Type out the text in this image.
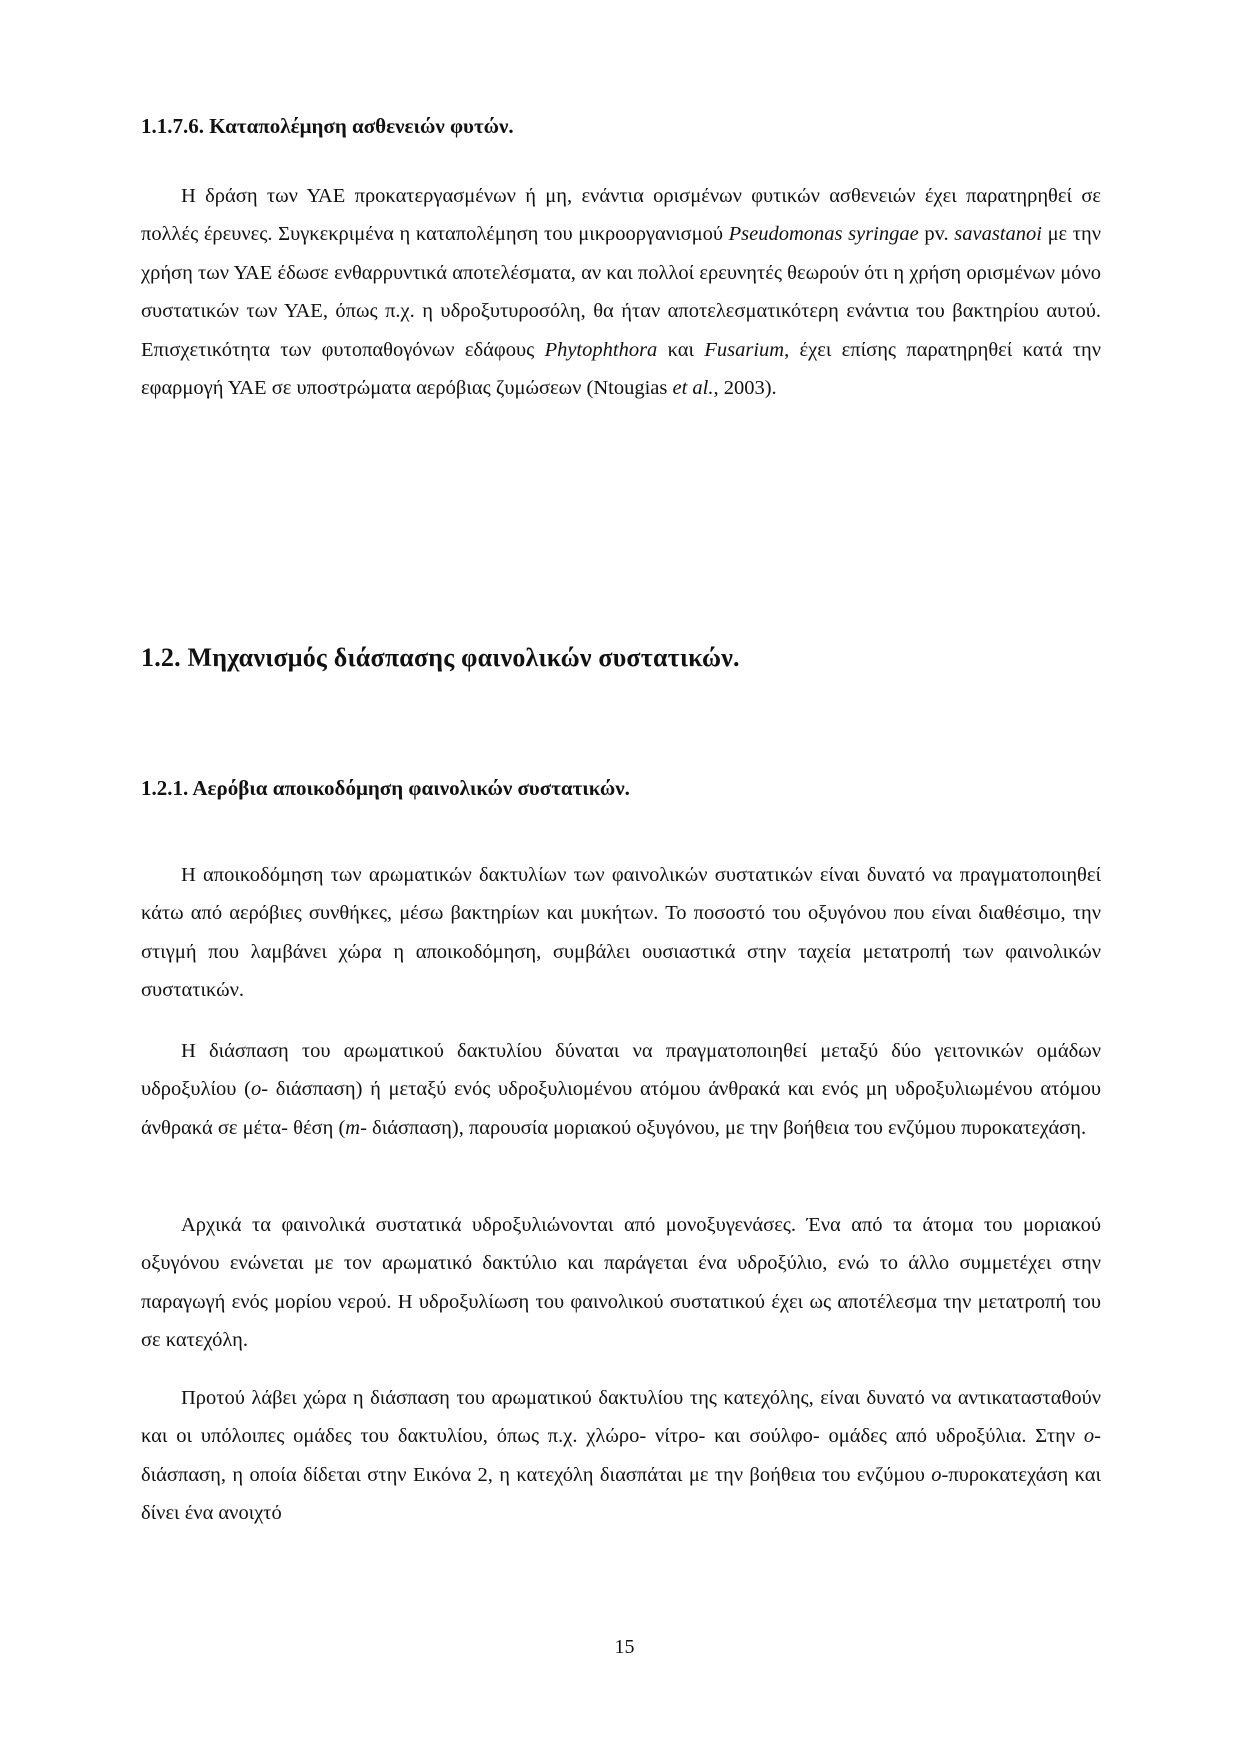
1.1.7.6. Καταπολέμηση ασθενειών φυτών.

Η δράση των ΥΑΕ προκατεργασμένων ή μη, ενάντια ορισμένων φυτικών ασθενειών έχει παρατηρηθεί σε πολλές έρευνες. Συγκεκριμένα η καταπολέμηση του μικροοργανισμού Pseudomonas syringae pv. savastanoi με την χρήση των ΥΑΕ έδωσε ενθαρρυντικά αποτελέσματα, αν και πολλοί ερευνητές θεωρούν ότι η χρήση ορισμένων μόνο συστατικών των ΥΑΕ, όπως π.χ. η υδροξυτυροσόλη, θα ήταν αποτελεσματικότερη ενάντια του βακτηρίου αυτού. Επισχετικότητα των φυτοπαθογόνων εδάφους Phytophthora και Fusarium, έχει επίσης παρατηρηθεί κατά την εφαρμογή ΥΑΕ σε υποστρώματα αερόβιας ζυμώσεων (Ntougias et al., 2003).

1.2. Μηχανισμός διάσπασης φαινολικών συστατικών.
1.2.1. Αερόβια αποικοδόμηση φαινολικών συστατικών.

Η αποικοδόμηση των αρωματικών δακτυλίων των φαινολικών συστατικών είναι δυνατό να πραγματοποιηθεί κάτω από αερόβιες συνθήκες, μέσω βακτηρίων και μυκήτων. Το ποσοστό του οξυγόνου που είναι διαθέσιμο, την στιγμή που λαμβάνει χώρα η αποικοδόμηση, συμβάλει ουσιαστικά στην ταχεία μετατροπή των φαινολικών συστατικών.

Η διάσπαση του αρωματικού δακτυλίου δύναται να πραγματοποιηθεί μεταξύ δύο γειτονικών ομάδων υδροξυλίου (o- διάσπαση) ή μεταξύ ενός υδροξυλιομένου ατόμου άνθρακά και ενός μη υδροξυλιωμένου ατόμου άνθρακά σε μέτα- θέση (m- διάσπαση), παρουσία μοριακού οξυγόνου, με την βοήθεια του ενζύμου πυροκατεχάση.

Αρχικά τα φαινολικά συστατικά υδροξυλιώνονται από μονοξυγενάσες. Ένα από τα άτομα του μοριακού οξυγόνου ενώνεται με τον αρωματικό δακτύλιο και παράγεται ένα υδροξύλιο, ενώ το άλλο συμμετέχει στην παραγωγή ενός μορίου νερού. Η υδροξυλίωση του φαινολικού συστατικού έχει ως αποτέλεσμα την μετατροπή του σε κατεχόλη.

Προτού λάβει χώρα η διάσπαση του αρωματικού δακτυλίου της κατεχόλης, είναι δυνατό να αντικατασταθούν και οι υπόλοιπες ομάδες του δακτυλίου, όπως π.χ. χλώρο- νίτρο- και σούλφο- ομάδες από υδροξύλια. Στην o- διάσπαση, η οποία δίδεται στην Εικόνα 2, η κατεχόλη διασπάται με την βοήθεια του ενζύμου o-πυροκατεχάση και δίνει ένα ανοιχτό

15
